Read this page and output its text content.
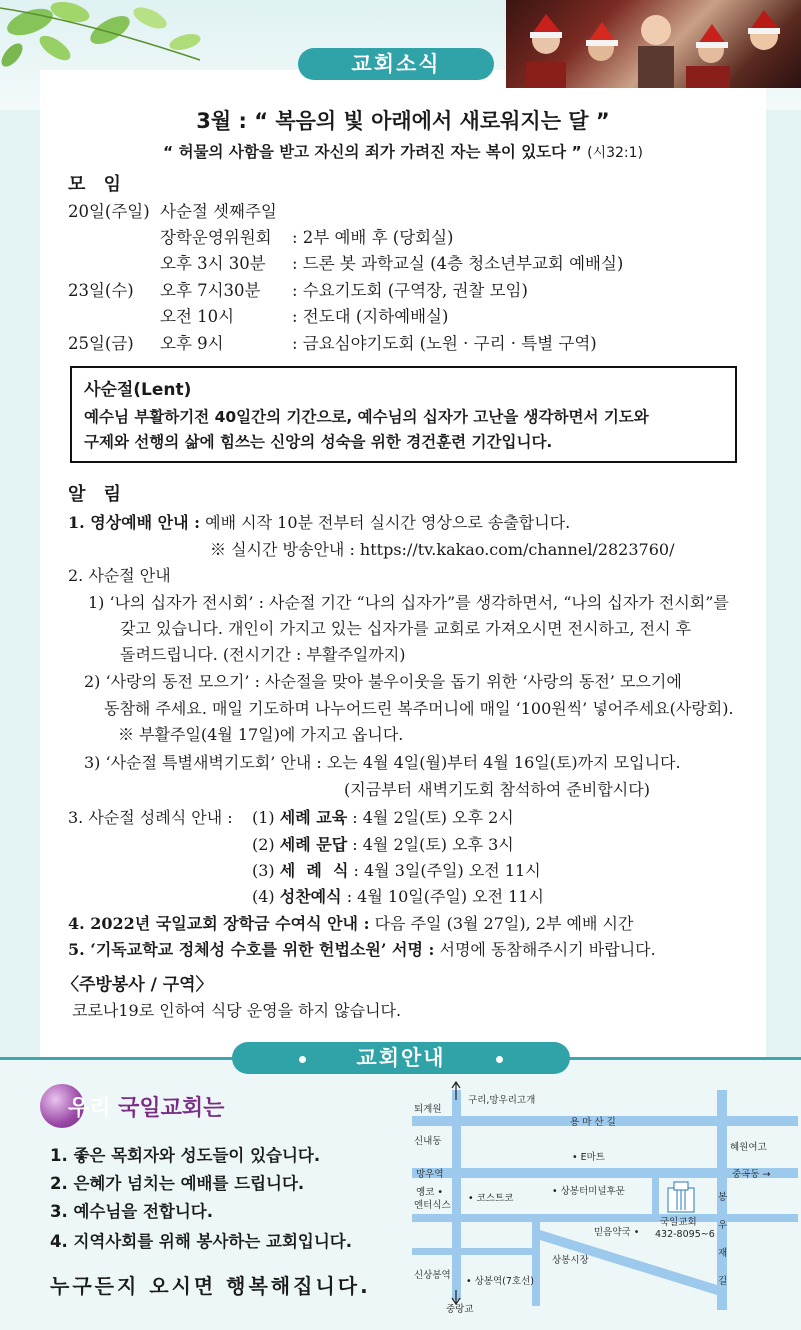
교회소식
3월 : “ 복음의 빛 아래에서 새로워지는 달 ”
“ 허물의 사함을 받고 자신의 죄가 가려진 자는 복이 있도다 ” (시32:1)
모 임
20일(주일) 사순절 셋째주일
장학운영위원회 : 2부 예배 후 (당회실)
오후 3시 30분 : 드론 봇 과학교실 (4층 청소년부교회 예배실)
23일(수) 오후 7시30분 : 수요기도회 (구역장, 권찰 모임)
오전 10시	: 전도대 (지하예배실)
25일(금) 오후 9시	: 금요심야기도회 (노원 · 구리 · 특별 구역)
사순절(Lent)
예수님 부활하기전 40일간의 기간으로, 예수님의 십자가 고난을 생각하면서 기도와
구제와 선행의 삶에 힘쓰는 신앙의 성숙을 위한 경건훈련 기간입니다.
알 림
1. 영상예배 안내 : 예배 시작 10분 전부터 실시간 영상으로 송출합니다.
※ 실시간 방송안내 : https://tv.kakao.com/channel/2823760/
2. 사순절 안내
1) ‘나의 십자가 전시회’ : 사순절 기간 “나의 십자가”를 생각하면서, “나의 십자가 전시회”를
갖고 있습니다. 개인이 가지고 있는 십자가를 교회로 가져오시면 전시하고, 전시 후
돌려드립니다. (전시기간 : 부활주일까지)
2) ‘사랑의 동전 모으기’ : 사순절을 맞아 불우이웃을 돕기 위한 ‘사랑의 동전’ 모으기에
동참해 주세요. 매일 기도하며 나누어드린 복주머니에 매일 ‘100원씩’ 넣어주세요(사랑회).
※ 부활주일(4월 17일)에 가지고 옵니다.
3) ‘사순절 특별새벽기도회’ 안내 : 오는 4월 4일(월)부터 4월 16일(토)까지 모입니다.
(지금부터 새벽기도회 참석하여 준비합시다)
3. 사순절 성례식 안내 : (1) 세례 교육 : 4월 2일(토) 오후 2시
(2) 세례 문답 : 4월 2일(토) 오후 3시
(3) 세  례  식 : 4월 3일(주일) 오전 11시
(4) 성찬예식 : 4월 10일(주일) 오전 11시
4. 2022년 국일교회 장학금 수여식 안내 : 다음 주일 (3월 27일), 2부 예배 시간
5. ‘기독교학교 정체성 수호를 위한 헌법소원’ 서명 : 서명에 동참해주시기 바랍니다.
〈주방봉사 / 구역〉
코로나19로 인하여 식당 운영을 하지 않습니다.
교회안내
우리 국일교회는
1. 좋은 목회자와 성도들이 있습니다.
2. 은혜가 넘치는 예배를 드립니다.
3. 예수님을 전합니다.
4. 지역사회를 위해 봉사하는 교회입니다.
누구든지 오시면 행복해집니다.
구리,망우리고개
퇴계원
용 마 산 길
신내동
• E마트
혜원여고
망우역	중곡동 →
옝코 •
엔터식스
• 코스트코
• 상봉터미널후문
국일교회
432-8095~6
믿음약국 •
봉
우
재
길
상봉시장
신상봉역
• 상봉역(7호선)
중랑교
